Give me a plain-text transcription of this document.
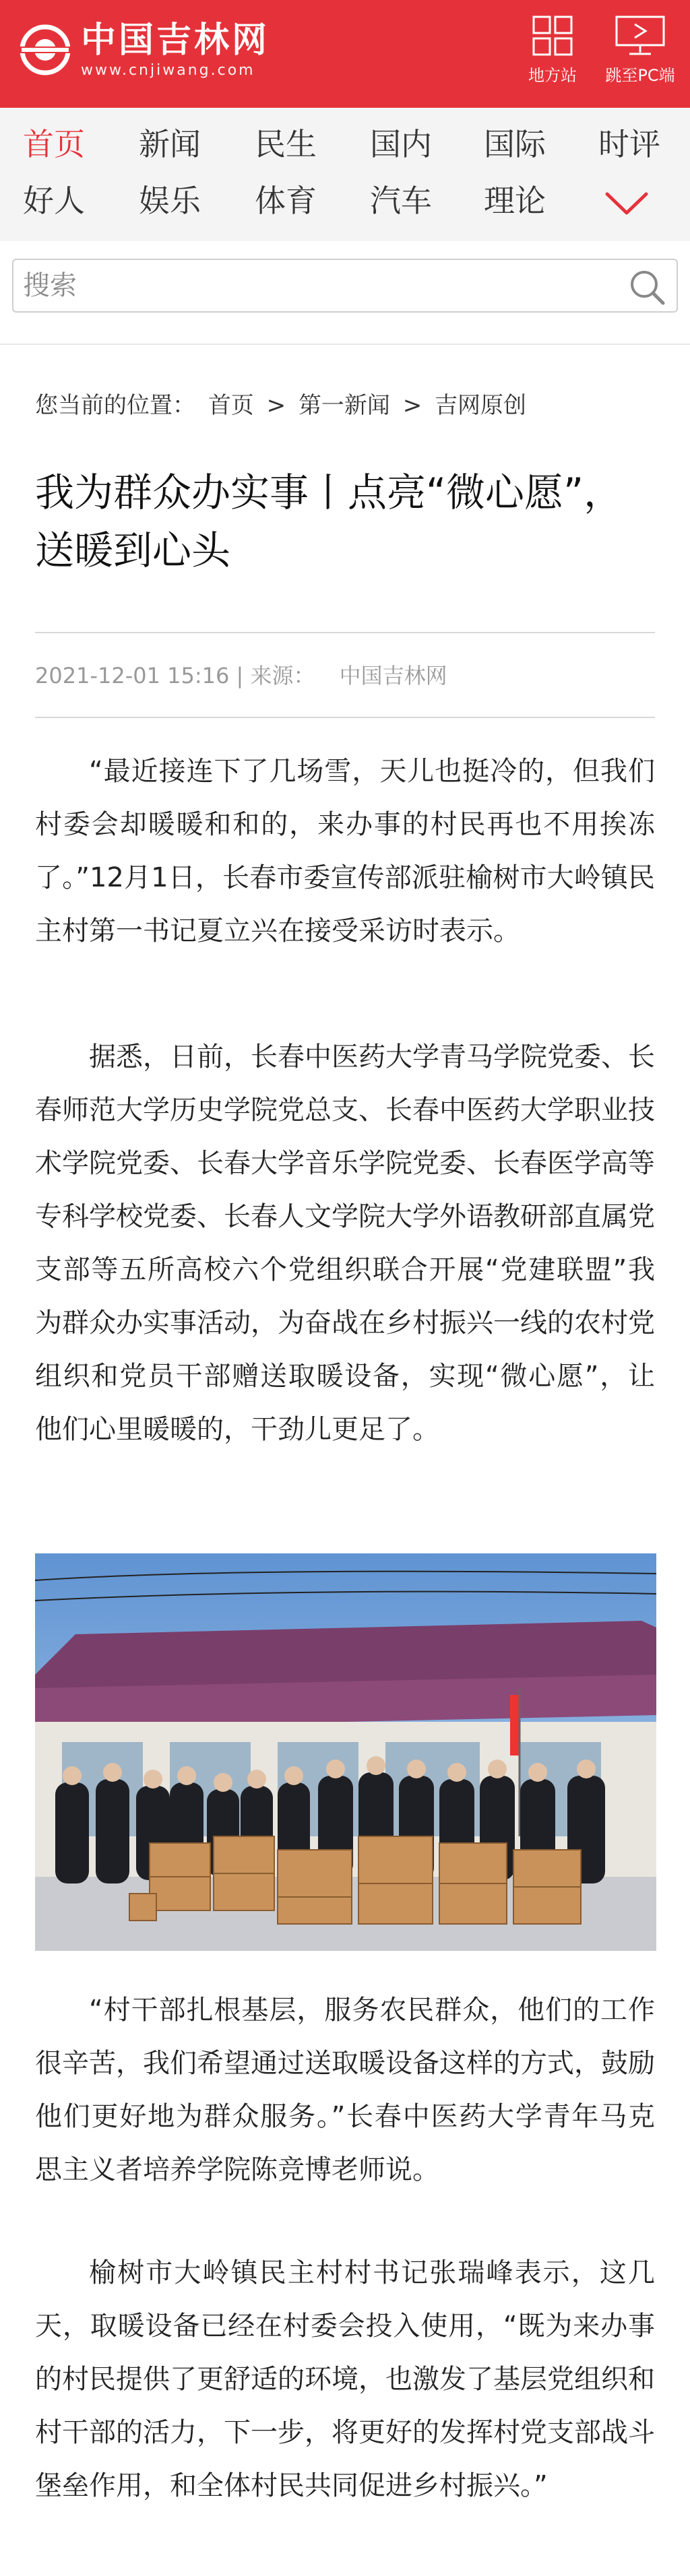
中国吉林网
www.cnjiwang.com	地方站	跳至PC端
首页	新闻	民生	国内	国际	时评
好人	娱乐	体育	汽车	理论
搜索
您当前的位置： 首页 > 第一新闻 > 吉网原创
我为群众办实事丨点亮“微心愿”，送暖到心头
2021-12-01 15:16 | 来源： 中国吉林网

“最近接连下了几场雪，天儿也挺冷的，但我们村委会却暖暖和和的，来办事的村民再也不用挨冻了。”12月1日，长春市委宣传部派驻榆树市大岭镇民主村第一书记夏立兴在接受采访时表示。

据悉，日前，长春中医药大学青马学院党委、长春师范大学历史学院党总支、长春中医药大学职业技术学院党委、长春大学音乐学院党委、长春医学高等专科学校党委、长春人文学院大学外语教研部直属党支部等五所高校六个党组织联合开展“党建联盟”我为群众办实事活动，为奋战在乡村振兴一线的农村党组织和党员干部赠送取暖设备，实现“微心愿”，让他们心里暖暖的，干劲儿更足了。

“村干部扎根基层，服务农民群众，他们的工作很辛苦，我们希望通过送取暖设备这样的方式，鼓励他们更好地为群众服务。”长春中医药大学青年马克思主义者培养学院陈竞博老师说。

榆树市大岭镇民主村村书记张瑞峰表示，这几天，取暖设备已经在村委会投入使用，“既为来办事的村民提供了更舒适的环境，也激发了基层党组织和村干部的活力，下一步，将更好的发挥村党支部战斗堡垒作用，和全体村民共同促进乡村振兴。”
